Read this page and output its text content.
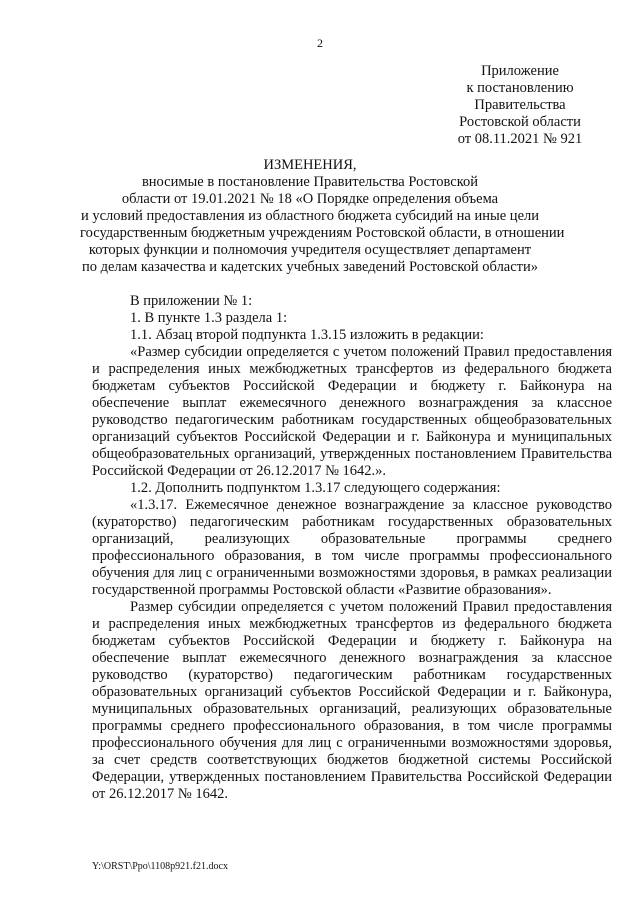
2
Приложение
к постановлению
Правительства
Ростовской области
от 08.11.2021 № 921
ИЗМЕНЕНИЯ,
вносимые в постановление Правительства Ростовской
области от 19.01.2021 № 18 «О Порядке определения объема
и условий предоставления из областного бюджета субсидий на иные цели
государственным бюджетным учреждениям Ростовской области, в отношении
которых функции и полномочия учредителя осуществляет департамент
по делам казачества и кадетских учебных заведений Ростовской области»

В приложении № 1:

1. В пункте 1.3 раздела 1:

1.1. Абзац второй подпункта 1.3.15 изложить в редакции:

«Размер субсидии определяется с учетом положений Правил предоставления и распределения иных межбюджетных трансфертов из федерального бюджета бюджетам субъектов Российской Федерации и бюджету г. Байконура на обеспечение выплат ежемесячного денежного вознаграждения за классное руководство педагогическим работникам государственных общеобразовательных организаций субъектов Российской Федерации и г. Байконура и муниципальных общеобразовательных организаций, утвержденных постановлением Правительства Российской Федерации от 26.12.2017 № 1642.».

1.2. Дополнить подпунктом 1.3.17 следующего содержания:

«1.3.17. Ежемесячное денежное вознаграждение за классное руководство (кураторство) педагогическим работникам государственных образовательных организаций, реализующих образовательные программы среднего профессионального образования, в том числе программы профессионального обучения для лиц с ограниченными возможностями здоровья, в рамках реализации государственной программы Ростовской области «Развитие образования».

Размер субсидии определяется с учетом положений Правил предоставления и распределения иных межбюджетных трансфертов из федерального бюджета бюджетам субъектов Российской Федерации и бюджету г. Байконура на обеспечение выплат ежемесячного денежного вознаграждения за классное руководство (кураторство) педагогическим работникам государственных образовательных организаций субъектов Российской Федерации и г. Байконура, муниципальных образовательных организаций, реализующих образовательные программы среднего профессионального образования, в том числе программы профессионального обучения для лиц с ограниченными возможностями здоровья, за счет средств соответствующих бюджетов бюджетной системы Российской Федерации, утвержденных постановлением Правительства Российской Федерации от 26.12.2017 № 1642.

Y:\ORST\Ppo\1108p921.f21.docx
